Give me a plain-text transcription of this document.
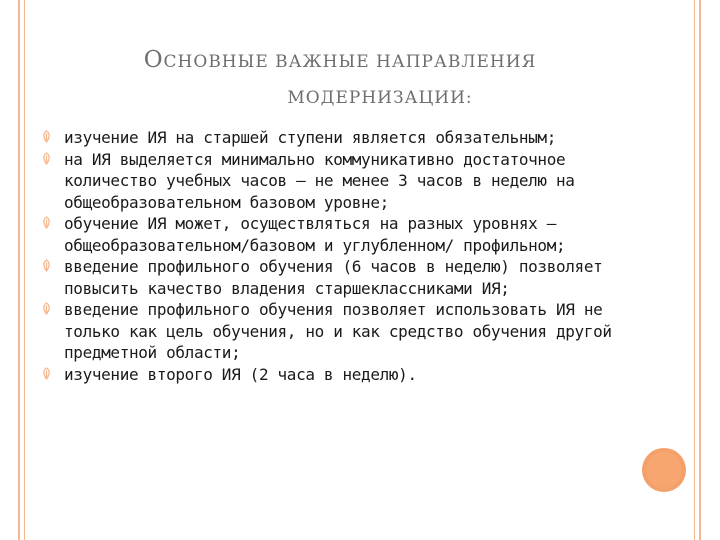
ОСНОВНЫЕ ВАЖНЫЕ НАПРАВЛЕНИЯ
МОДЕРНИЗАЦИИ:
изучение ИЯ на старшей ступени является обязательным;
на ИЯ выделяется минимально коммуникативно достаточное количество учебных часов — не менее 3 часов в неделю на общеобразовательном базовом уровне;
обучение ИЯ может, осуществляться на разных уровнях — общеобразовательном/базовом и углубленном/ профильном;
введение профильного обучения (6 часов в неделю) позволяет повысить качество владения старшеклассниками ИЯ;
введение профильного обучения позволяет использовать ИЯ не только как цель обучения, но и как средство обучения другой предметной области;
изучение второго ИЯ (2 часа в неделю).
